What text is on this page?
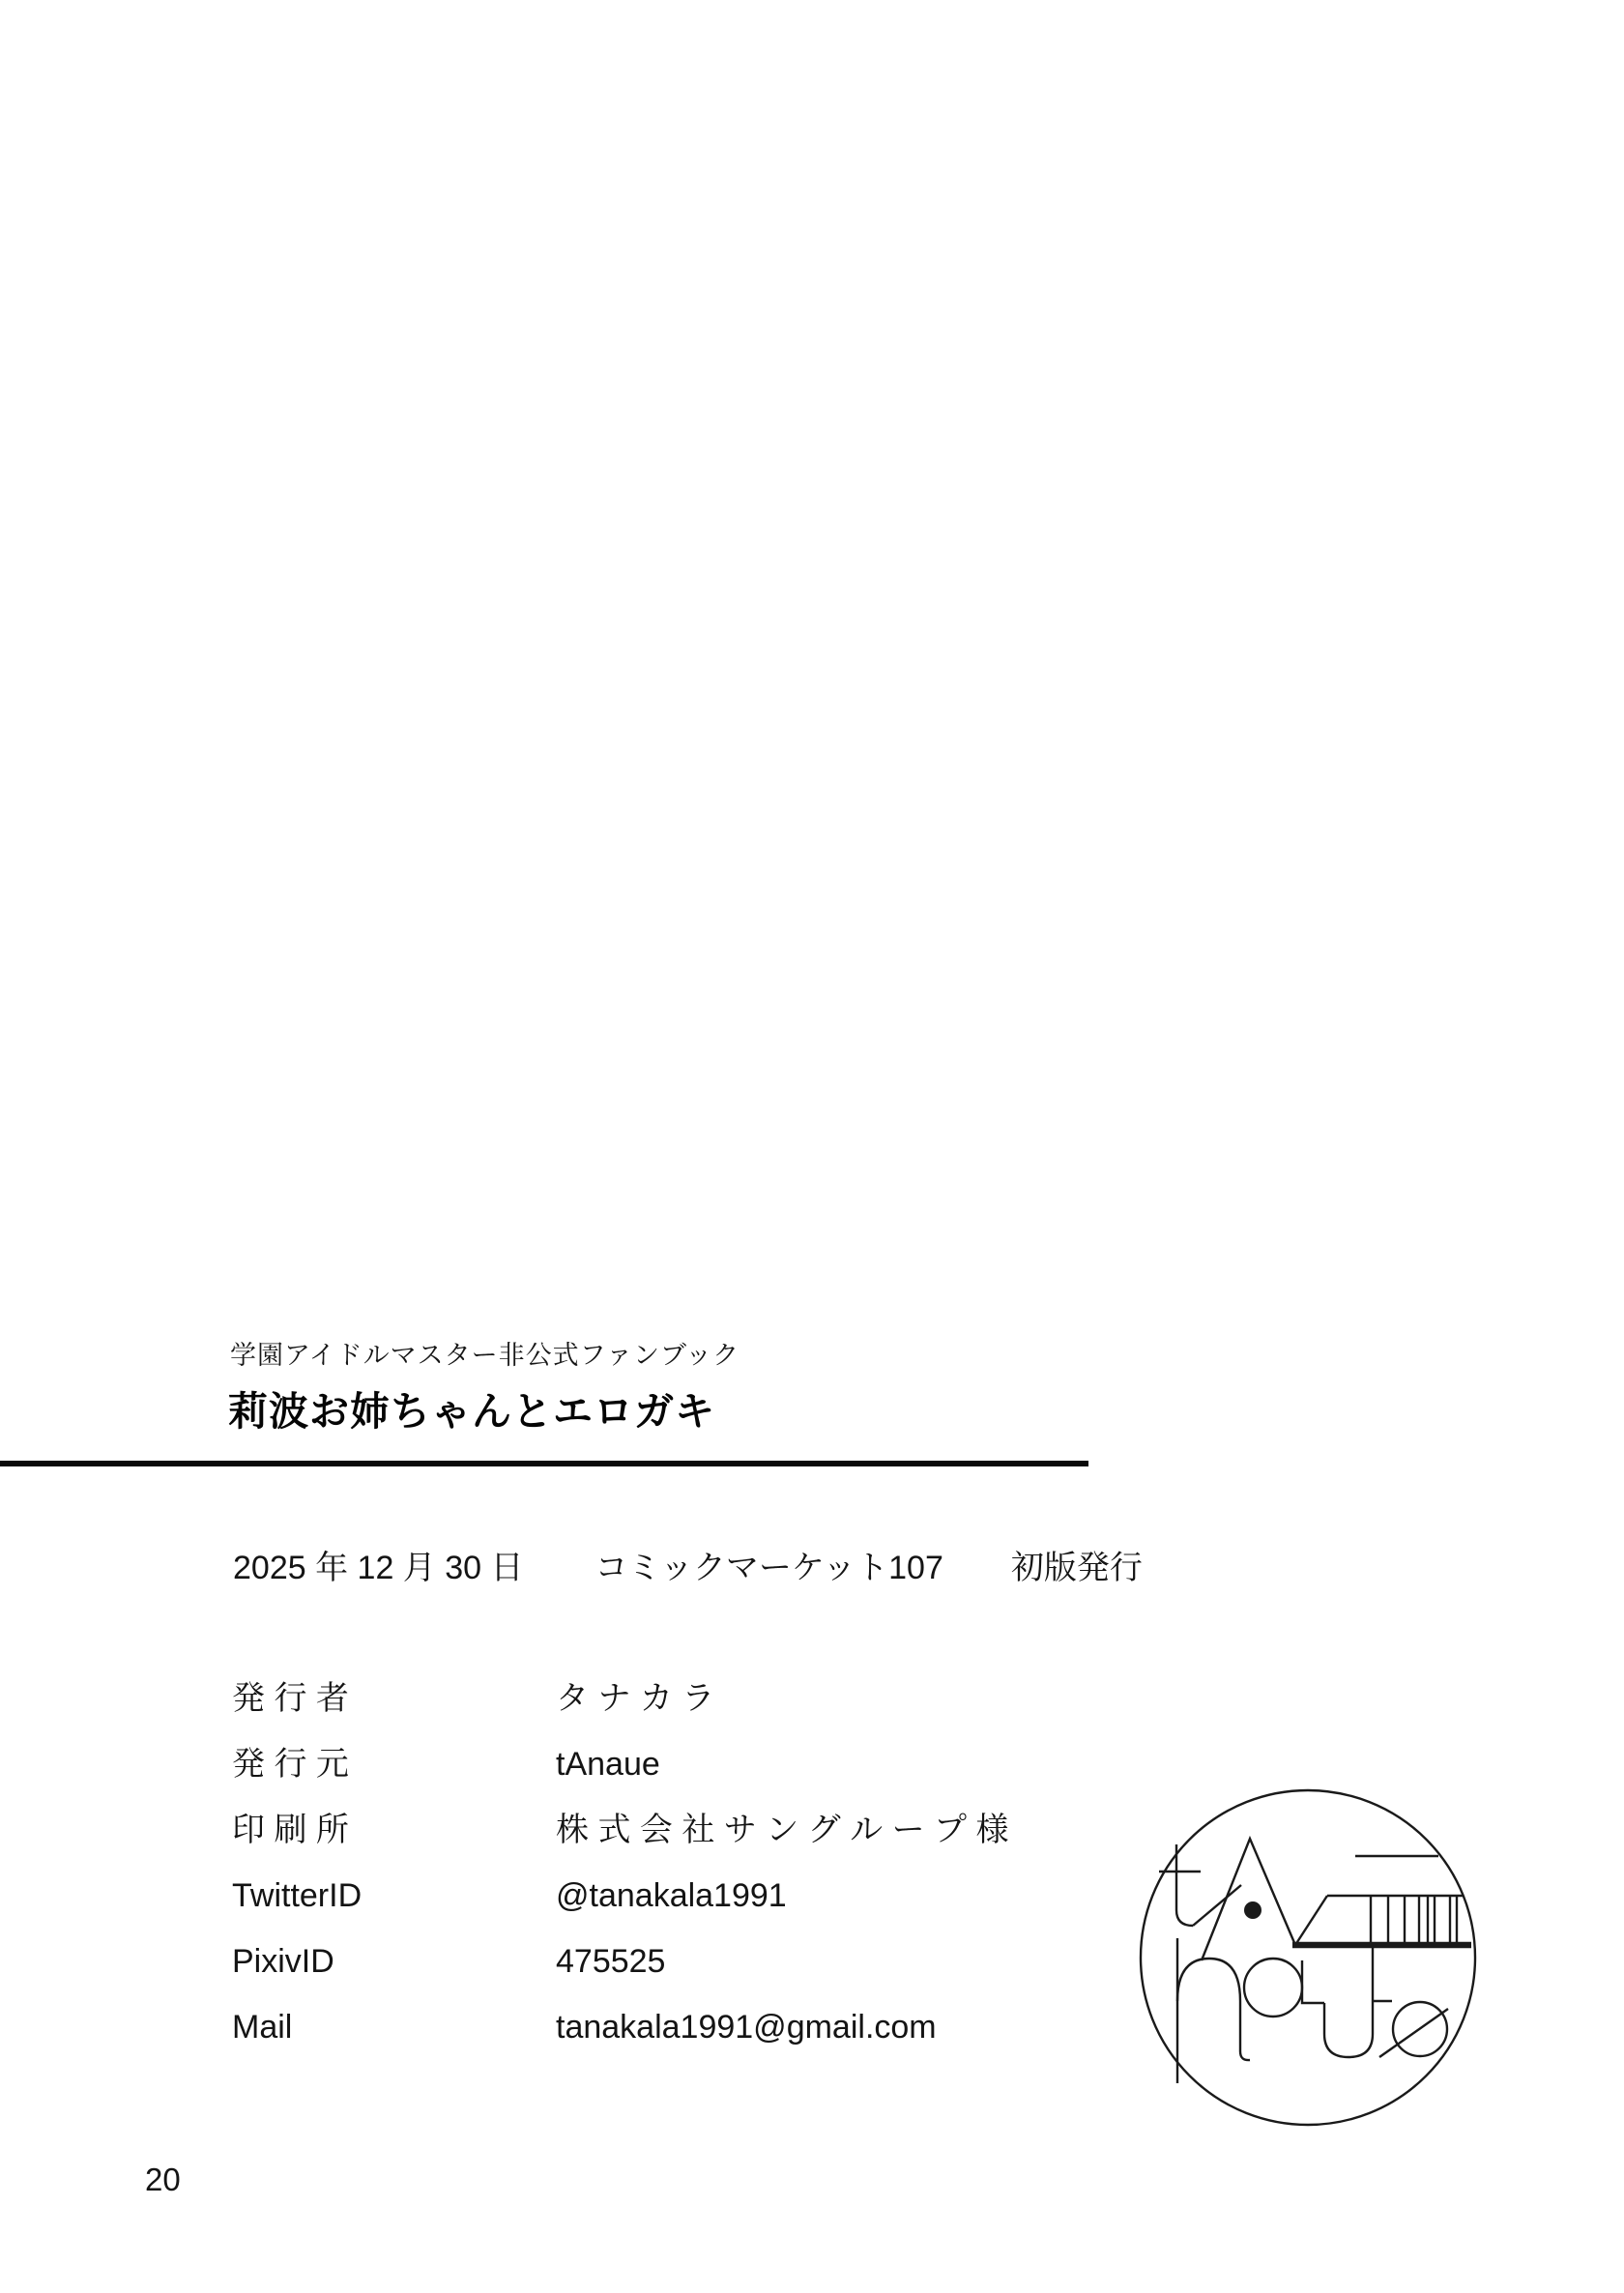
学園アイドルマスター非公式ファンブック
莉波お姉ちゃんとエロガキ
2025 年 12 月 30 日 コミックマーケット107 初版発行
発 行 者	タ ナ カ ラ
発 行 元	tAnaue
印 刷 所	株 式 会 社 サ ン グ ル ー プ 様
TwitterID	@tanakala1991
PixivID	475525
Mail	tanakala1991@gmail.com
20
